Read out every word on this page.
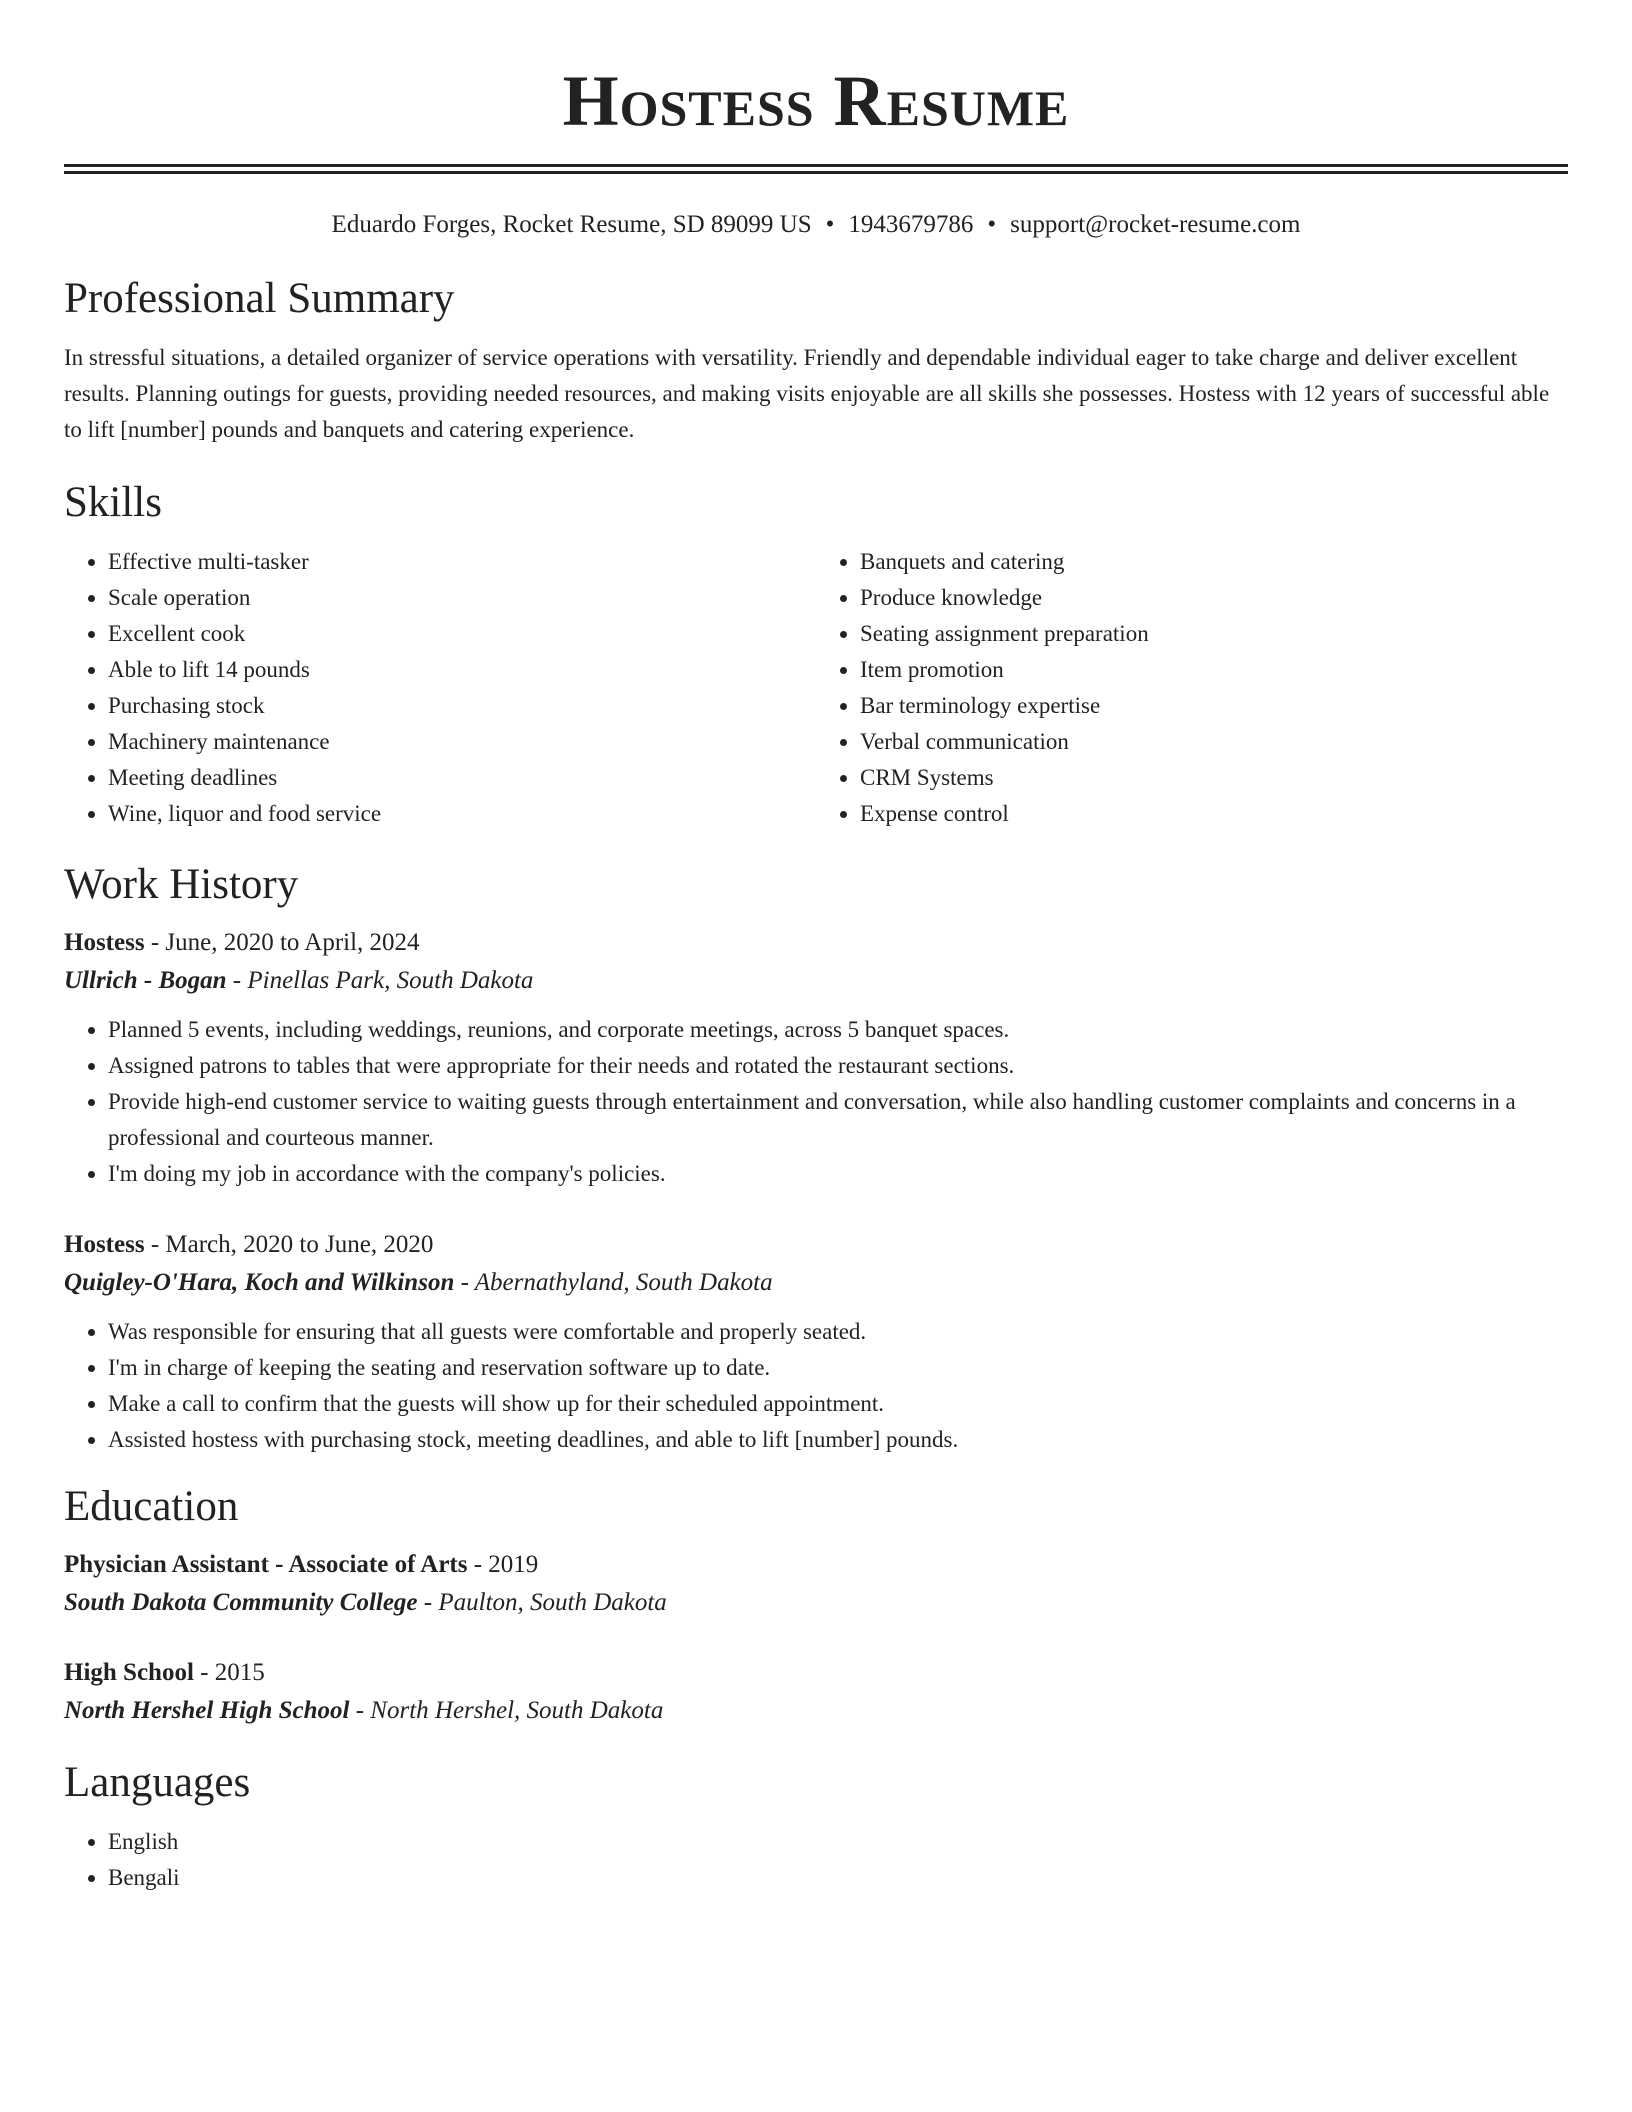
Hostess Resume
Eduardo Forges, Rocket Resume, SD 89099 US • 1943679786 • support@rocket-resume.com
Professional Summary

In stressful situations, a detailed organizer of service operations with versatility. Friendly and dependable individual eager to take charge and deliver excellent results. Planning outings for guests, providing needed resources, and making visits enjoyable are all skills she possesses. Hostess with 12 years of successful able to lift [number] pounds and banquets and catering experience.

Skills
• Effective multi-tasker
• Scale operation
• Excellent cook
• Able to lift 14 pounds
• Purchasing stock
• Machinery maintenance
• Meeting deadlines
• Wine, liquor and food service
• Banquets and catering
• Produce knowledge
• Seating assignment preparation
• Item promotion
• Bar terminology expertise
• Verbal communication
• CRM Systems
• Expense control
Work History
Hostess - June, 2020 to April, 2024
Ullrich - Bogan - Pinellas Park, South Dakota
• Planned 5 events, including weddings, reunions, and corporate meetings, across 5 banquet spaces.
• Assigned patrons to tables that were appropriate for their needs and rotated the restaurant sections.
• Provide high-end customer service to waiting guests through entertainment and conversation, while also handling customer complaints and concerns in a professional and courteous manner.
• I'm doing my job in accordance with the company's policies.
Hostess - March, 2020 to June, 2020
Quigley-O'Hara, Koch and Wilkinson - Abernathyland, South Dakota
• Was responsible for ensuring that all guests were comfortable and properly seated.
• I'm in charge of keeping the seating and reservation software up to date.
• Make a call to confirm that the guests will show up for their scheduled appointment.
• Assisted hostess with purchasing stock, meeting deadlines, and able to lift [number] pounds.
Education
Physician Assistant - Associate of Arts - 2019
South Dakota Community College - Paulton, South Dakota
High School - 2015
North Hershel High School - North Hershel, South Dakota
Languages
• English
• Bengali
